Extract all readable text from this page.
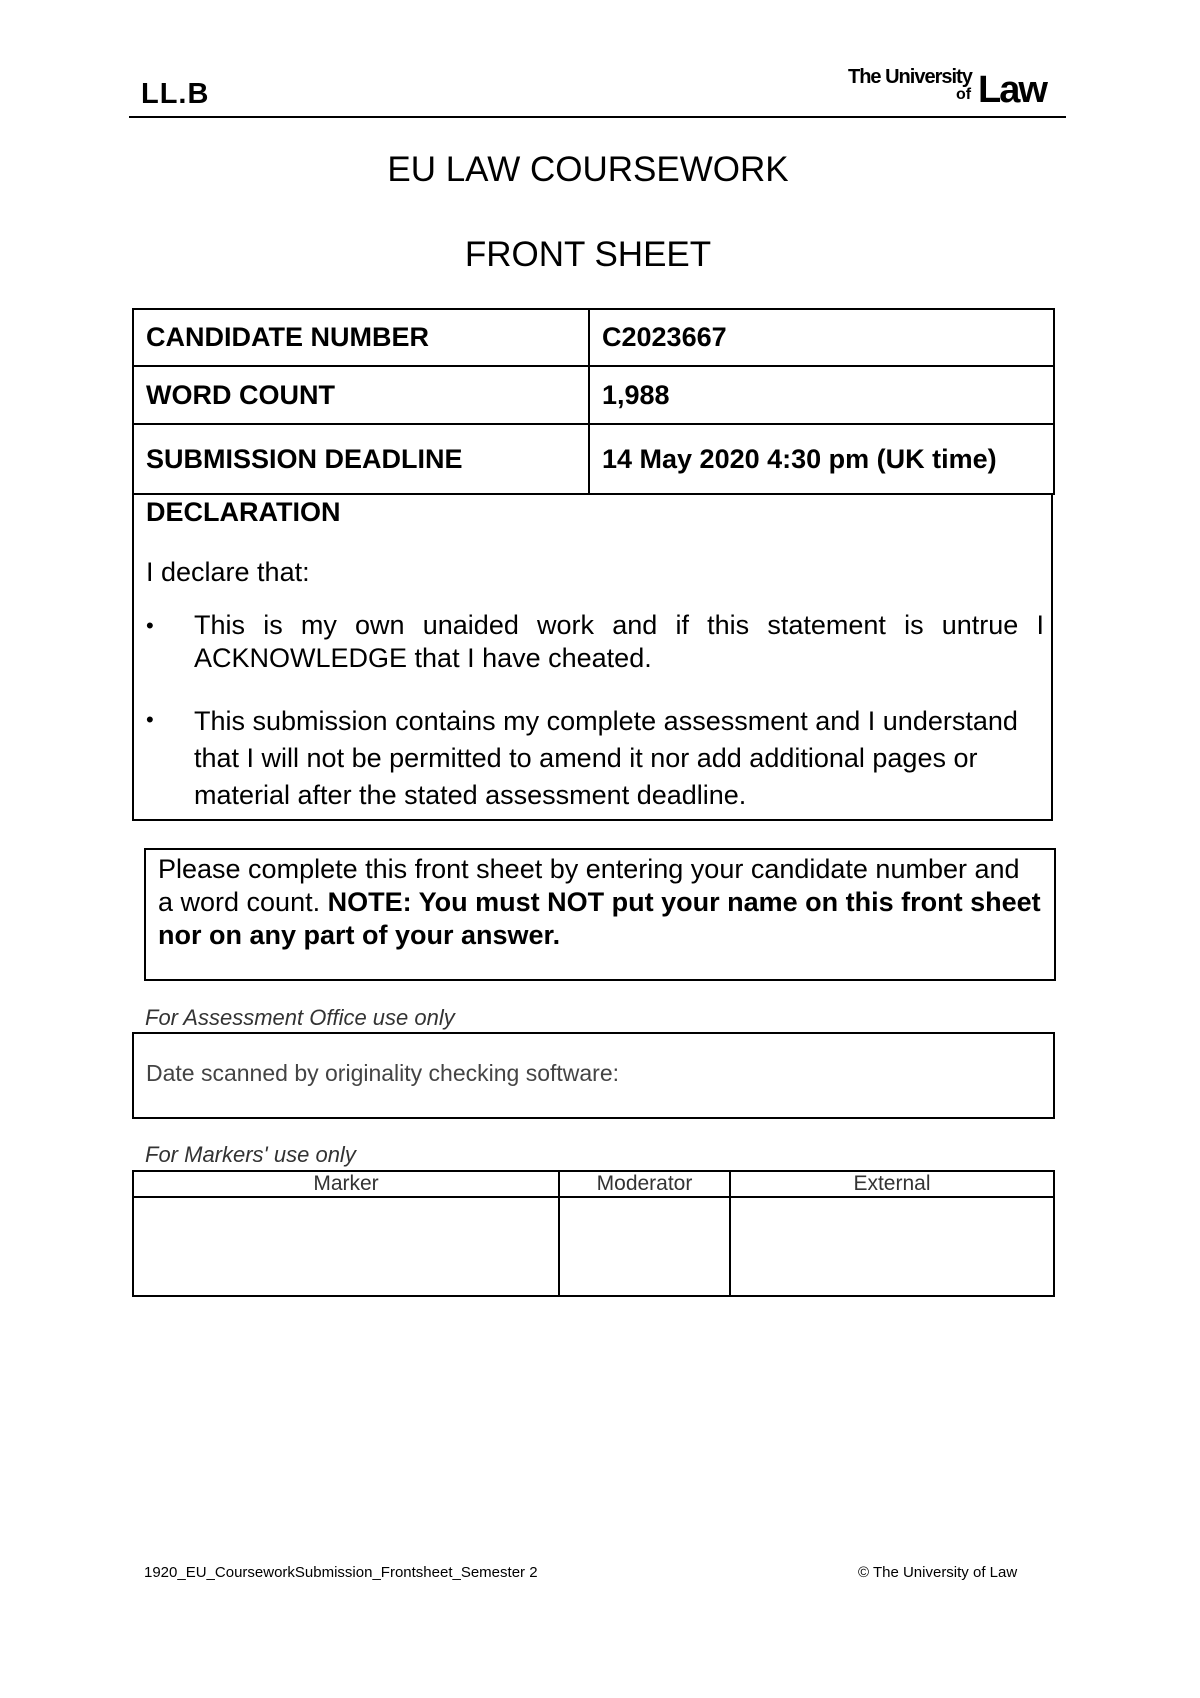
LL.B
The University
of Law
EU LAW COURSEWORK
FRONT SHEET
CANDIDATE NUMBER	C2023667
WORD COUNT	1,988
SUBMISSION DEADLINE	14 May 2020 4:30 pm (UK time)
DECLARATION
I declare that:
• This is my own unaided work and if this statement is untrue I ACKNOWLEDGE that I have cheated.
• This submission contains my complete assessment and I understand that I will not be permitted to amend it nor add additional pages or material after the stated assessment deadline.
Please complete this front sheet by entering your candidate number and a word count. NOTE: You must NOT put your name on this front sheet nor on any part of your answer.
For Assessment Office use only
Date scanned by originality checking software:
For Markers' use only
Marker	Moderator	External

1920_EU_CourseworkSubmission_Frontsheet_Semester 2	© The University of Law
